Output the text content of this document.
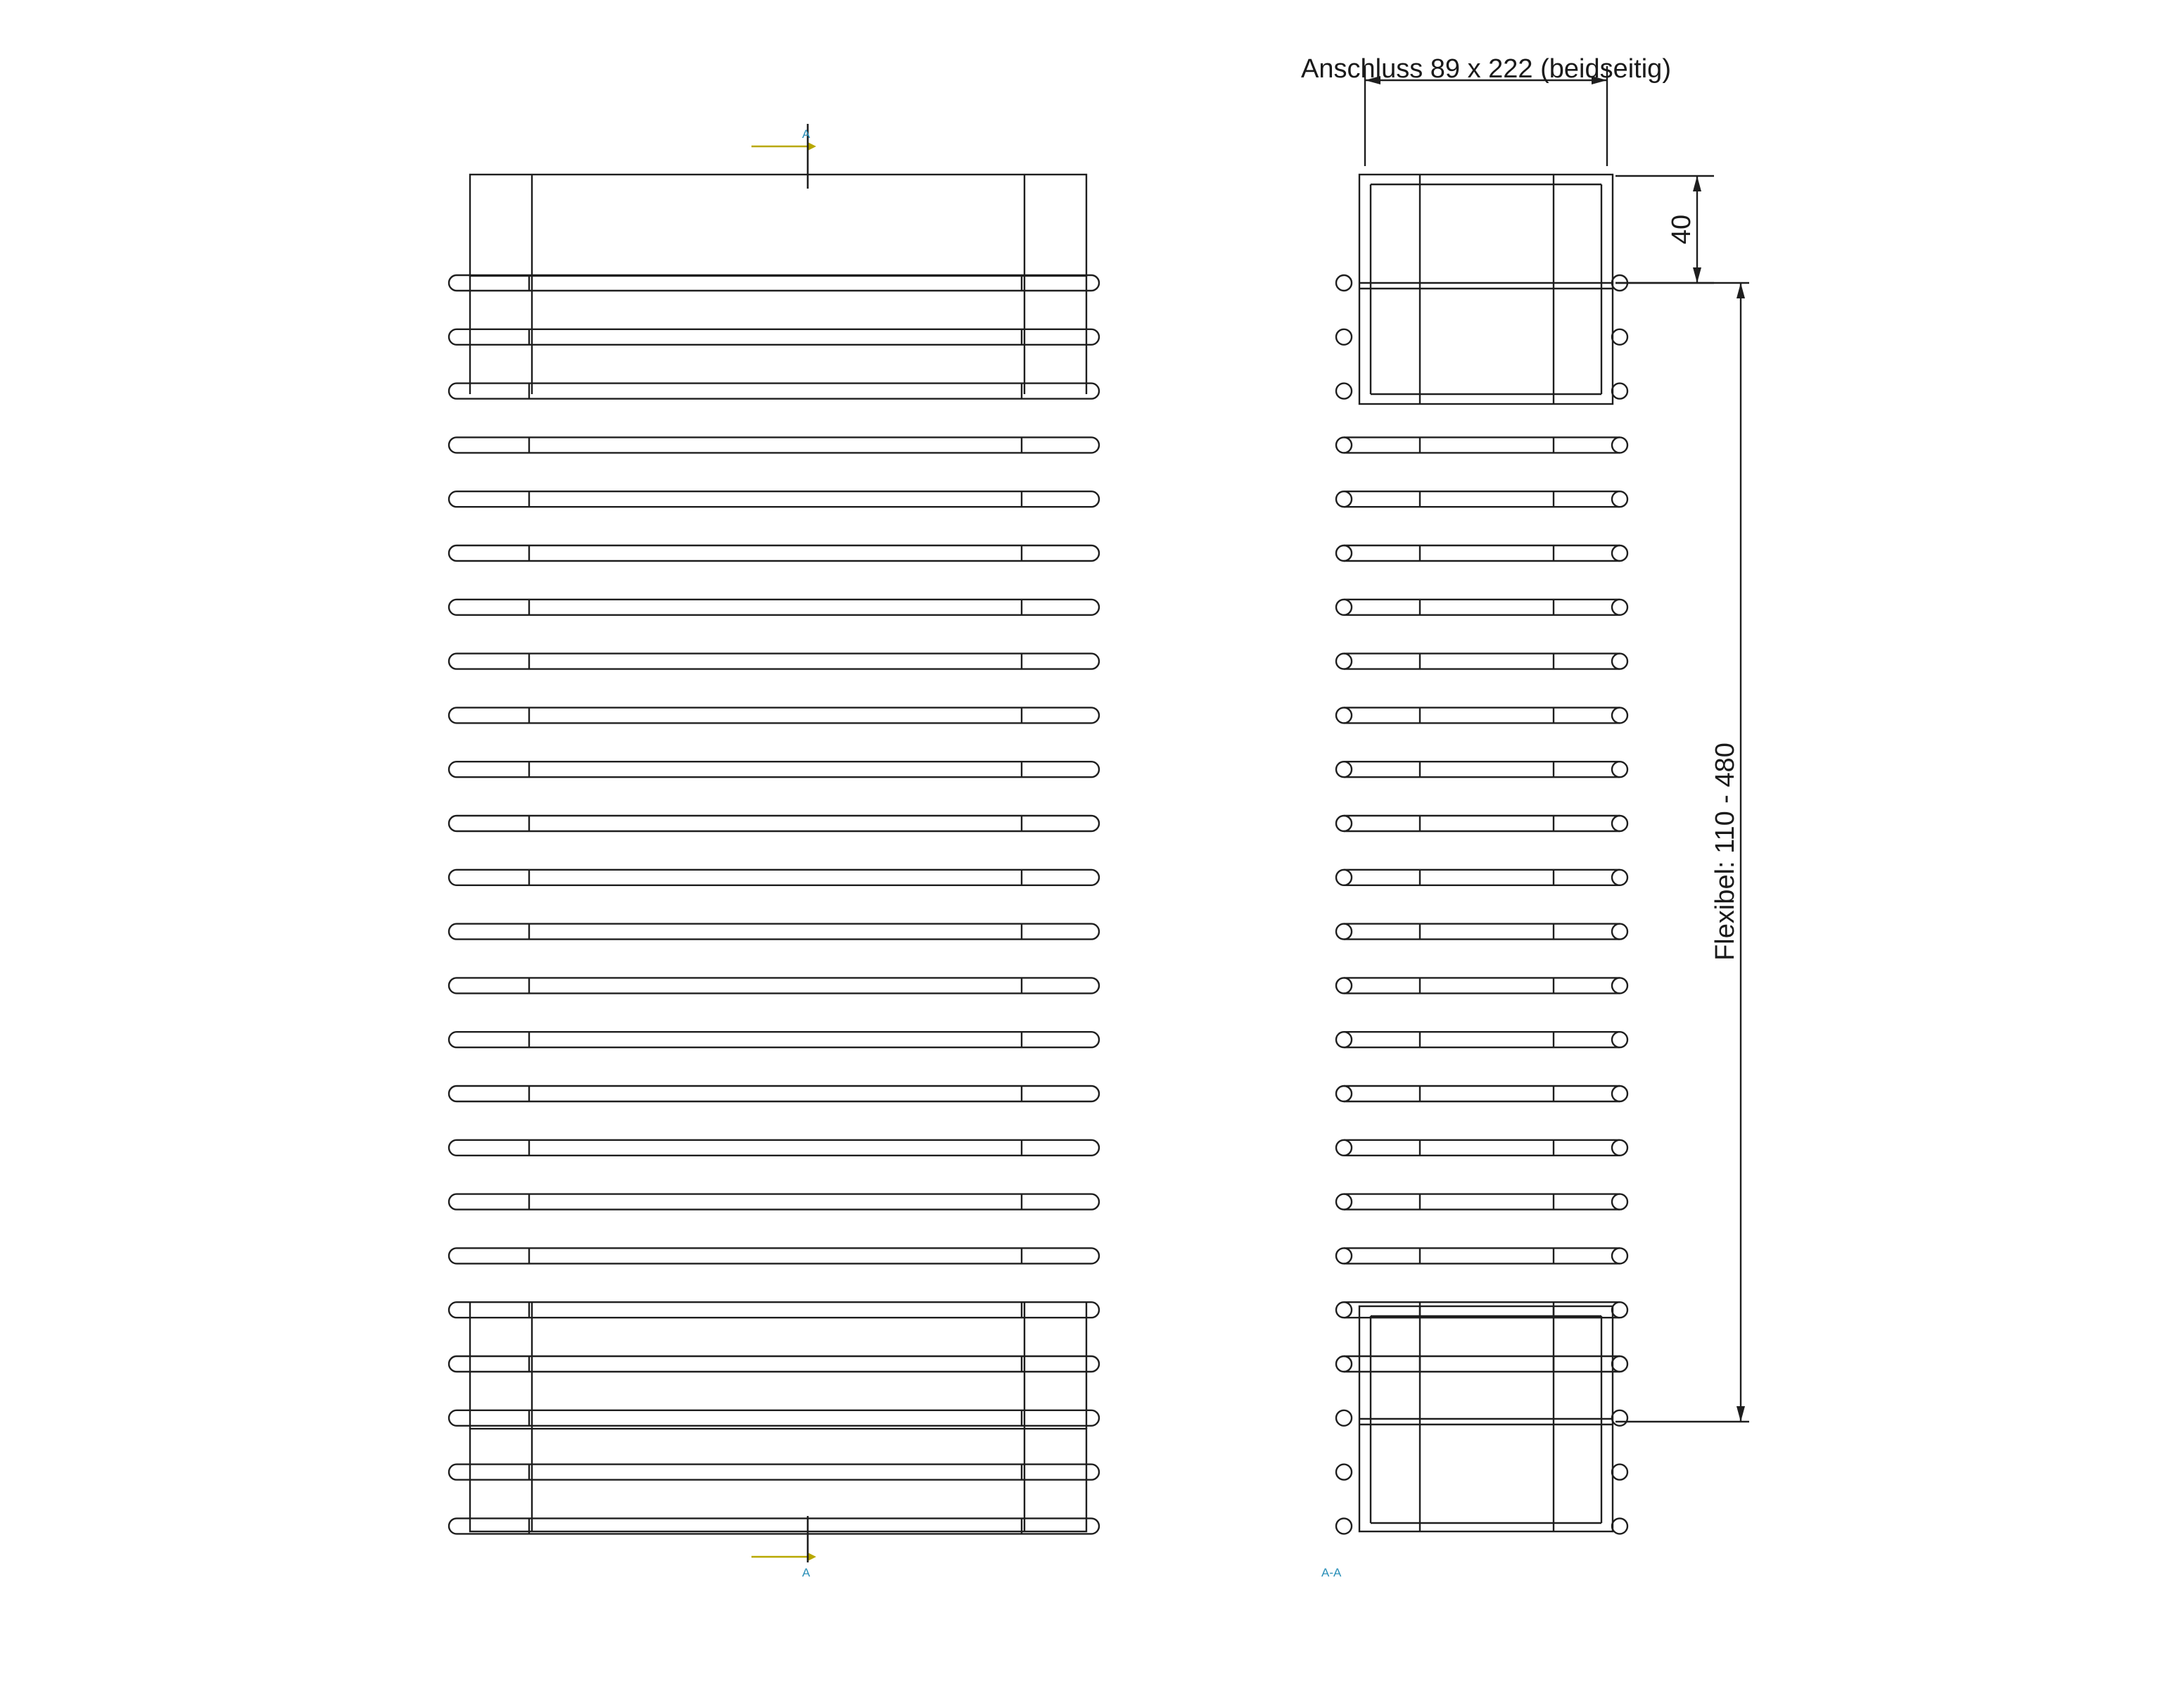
A
A
Anschluss 89 x 222 (beidseitig)
40
Flexibel: 110 - 480
A-A
